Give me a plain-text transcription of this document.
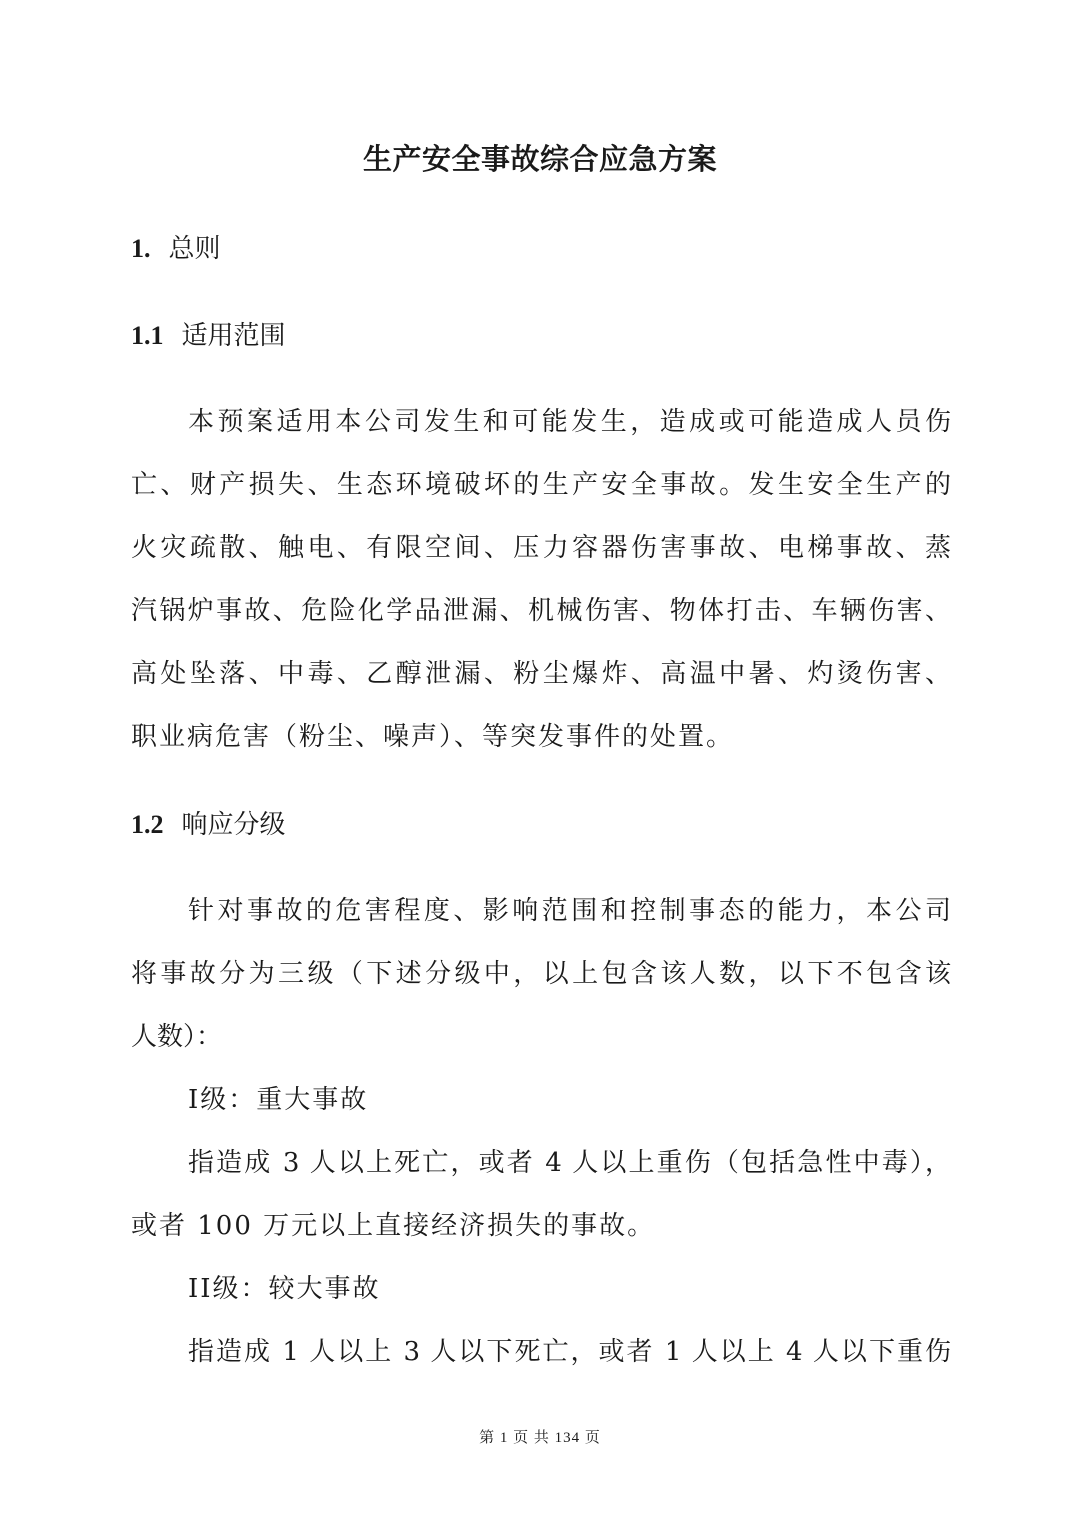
生产安全事故综合应急方案
1. 总则
1.1 适用范围
本预案适用本公司发生和可能发生，造成或可能造成人员伤
亡、财产损失、生态环境破坏的生产安全事故。发生安全生产的
火灾疏散、触电、有限空间、压力容器伤害事故、电梯事故、蒸
汽锅炉事故、危险化学品泄漏、机械伤害、物体打击、车辆伤害、
高处坠落、中毒、乙醇泄漏、粉尘爆炸、高温中暑、灼烫伤害、
职业病危害（粉尘、噪声）、等突发事件的处置。
1.2 响应分级
针对事故的危害程度、影响范围和控制事态的能力，本公司
将事故分为三级（下述分级中，以上包含该人数，以下不包含该
人数）：
I级：重大事故
指造成 3 人以上死亡，或者 4 人以上重伤（包括急性中毒），
或者 100 万元以上直接经济损失的事故。
II级：较大事故
指造成 1 人以上 3 人以下死亡，或者 1 人以上 4 人以下重伤
第 1 页 共 134 页
